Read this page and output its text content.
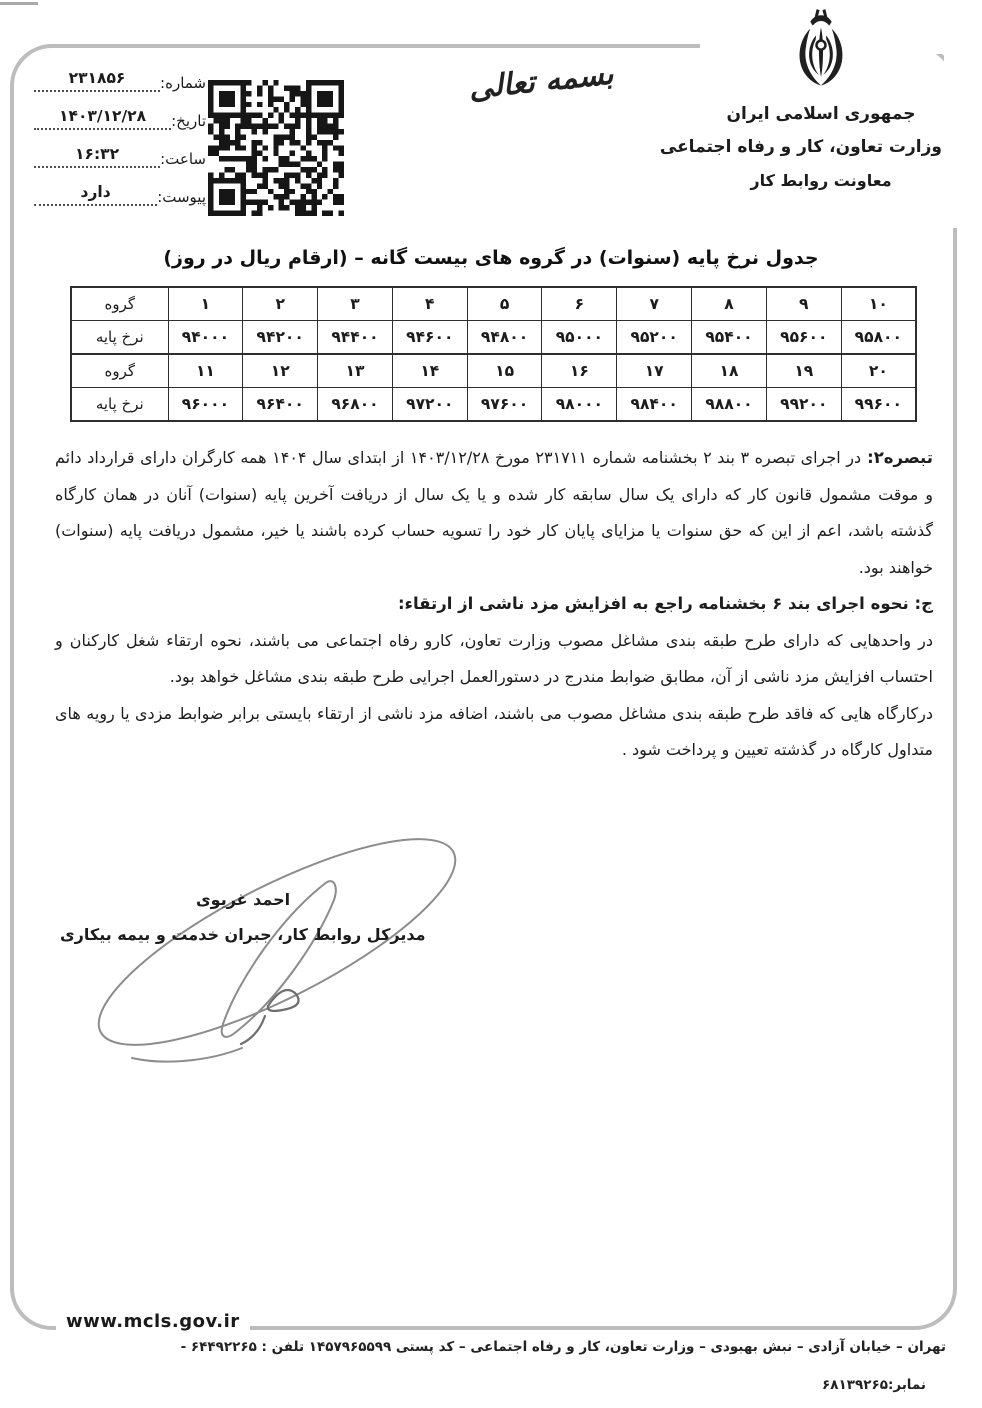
جمهوری اسلامی ایران
وزارت تعاون، کار و رفاه اجتماعی
معاونت روابط کار
بسمه تعالی
شماره:
۲۳۱۸۵۶
تاریخ:
۱۴۰۳/۱۲/۲۸
ساعت:
۱۶:۳۲
پیوست:
دارد
جدول نرخ پایه (سنوات) در گروه های بیست گانه – (ارقام ریال در روز)
گروه	۱	۲	۳	۴	۵	۶	۷	۸	۹	۱۰
نرخ پایه	۹۴۰۰۰	۹۴۲۰۰	۹۴۴۰۰	۹۴۶۰۰	۹۴۸۰۰	۹۵۰۰۰	۹۵۲۰۰	۹۵۴۰۰	۹۵۶۰۰	۹۵۸۰۰
گروه	۱۱	۱۲	۱۳	۱۴	۱۵	۱۶	۱۷	۱۸	۱۹	۲۰
نرخ پایه	۹۶۰۰۰	۹۶۴۰۰	۹۶۸۰۰	۹۷۲۰۰	۹۷۶۰۰	۹۸۰۰۰	۹۸۴۰۰	۹۸۸۰۰	۹۹۲۰۰	۹۹۶۰۰

تبصره۲:در اجرای تبصره ۳ بند ۲ بخشنامه شماره ۲۳۱۷۱۱ مورخ ۱۴۰۳/۱۲/۲۸ از ابتدای سال ۱۴۰۴ همه کارگران دارای قرارداد دائم و موقت مشمول قانون کار که دارای یک سال سابقه کار شده و یا یک سال از دریافت آخرین پایه (سنوات) آنان در همان کارگاه گذشته باشد، اعم از این که حق سنوات یا مزایای پایان کار خود را تسویه حساب کرده باشند یا خیر، مشمول دریافت پایه (سنوات) خواهند بود.

ج: نحوه اجرای بند ۶ بخشنامه راجع به افزایش مزد ناشی از ارتقاء:

در واحدهایی که دارای طرح طبقه بندی مشاغل مصوب وزارت تعاون، کارو رفاه اجتماعی می باشند، نحوه ارتقاء شغل کارکنان و احتساب افزایش مزد ناشی از آن، مطابق ضوابط مندرج در دستورالعمل اجرایی طرح طبقه بندی مشاغل خواهد بود.

درکارگاه هایی که فاقد طرح طبقه بندی مشاغل مصوب می باشند، اضافه مزد ناشی از ارتقاء بایستی برابر ضوابط مزدی یا رویه های متداول کارگاه در گذشته تعیین و پرداخت شود .

احمد غریوی
مدیرکل روابط کار، جبران خدمت و بیمه بیکاری
www.mcls.gov.ir
تهران – خیابان آزادی – نبش بهبودی – وزارت تعاون، کار و رفاه اجتماعی – کد پستی ۱۴۵۷۹۶۵۵۹۹ تلفن : ۶۴۴۹۲۲۶۵ -
نمابر:۶۸۱۳۹۲۶۵
